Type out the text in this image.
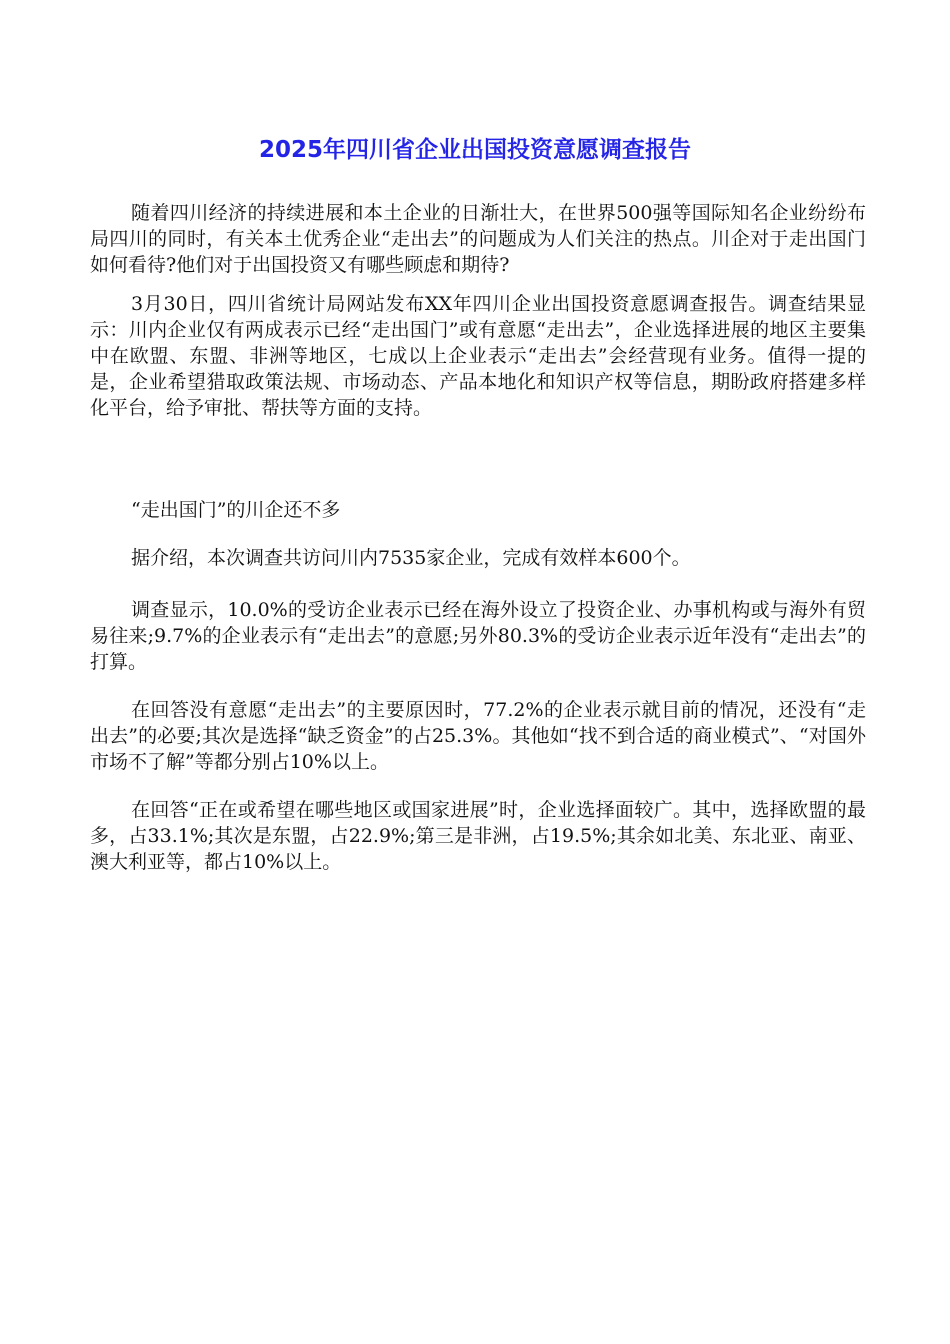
2025年四川省企业出国投资意愿调查报告

随着四川经济的持续进展和本土企业的日渐壮大，在世界500强等国际知名企业纷纷布局四川的同时，有关本土优秀企业“走出去”的问题成为人们关注的热点。川企对于走出国门如何看待?他们对于出国投资又有哪些顾虑和期待?

3月30日，四川省统计局网站发布XX年四川企业出国投资意愿调查报告。调查结果显示：川内企业仅有两成表示已经“走出国门”或有意愿“走出去”，企业选择进展的地区主要集中在欧盟、东盟、非洲等地区，七成以上企业表示“走出去”会经营现有业务。值得一提的是，企业希望猎取政策法规、市场动态、产品本地化和知识产权等信息，期盼政府搭建多样化平台，给予审批、帮扶等方面的支持。

“走出国门”的川企还不多

据介绍，本次调查共访问川内7535家企业，完成有效样本600个。

调查显示，10.0%的受访企业表示已经在海外设立了投资企业、办事机构或与海外有贸易往来;9.7%的企业表示有“走出去”的意愿;另外80.3%的受访企业表示近年没有“走出去”的打算。

在回答没有意愿“走出去”的主要原因时，77.2%的企业表示就目前的情况，还没有“走出去”的必要;其次是选择“缺乏资金”的占25.3%。其他如“找不到合适的商业模式”、“对国外市场不了解”等都分别占10%以上。

在回答“正在或希望在哪些地区或国家进展”时，企业选择面较广。其中，选择欧盟的最多，占33.1%;其次是东盟，占22.9%;第三是非洲，占19.5%;其余如北美、东北亚、南亚、澳大利亚等，都占10%以上。
